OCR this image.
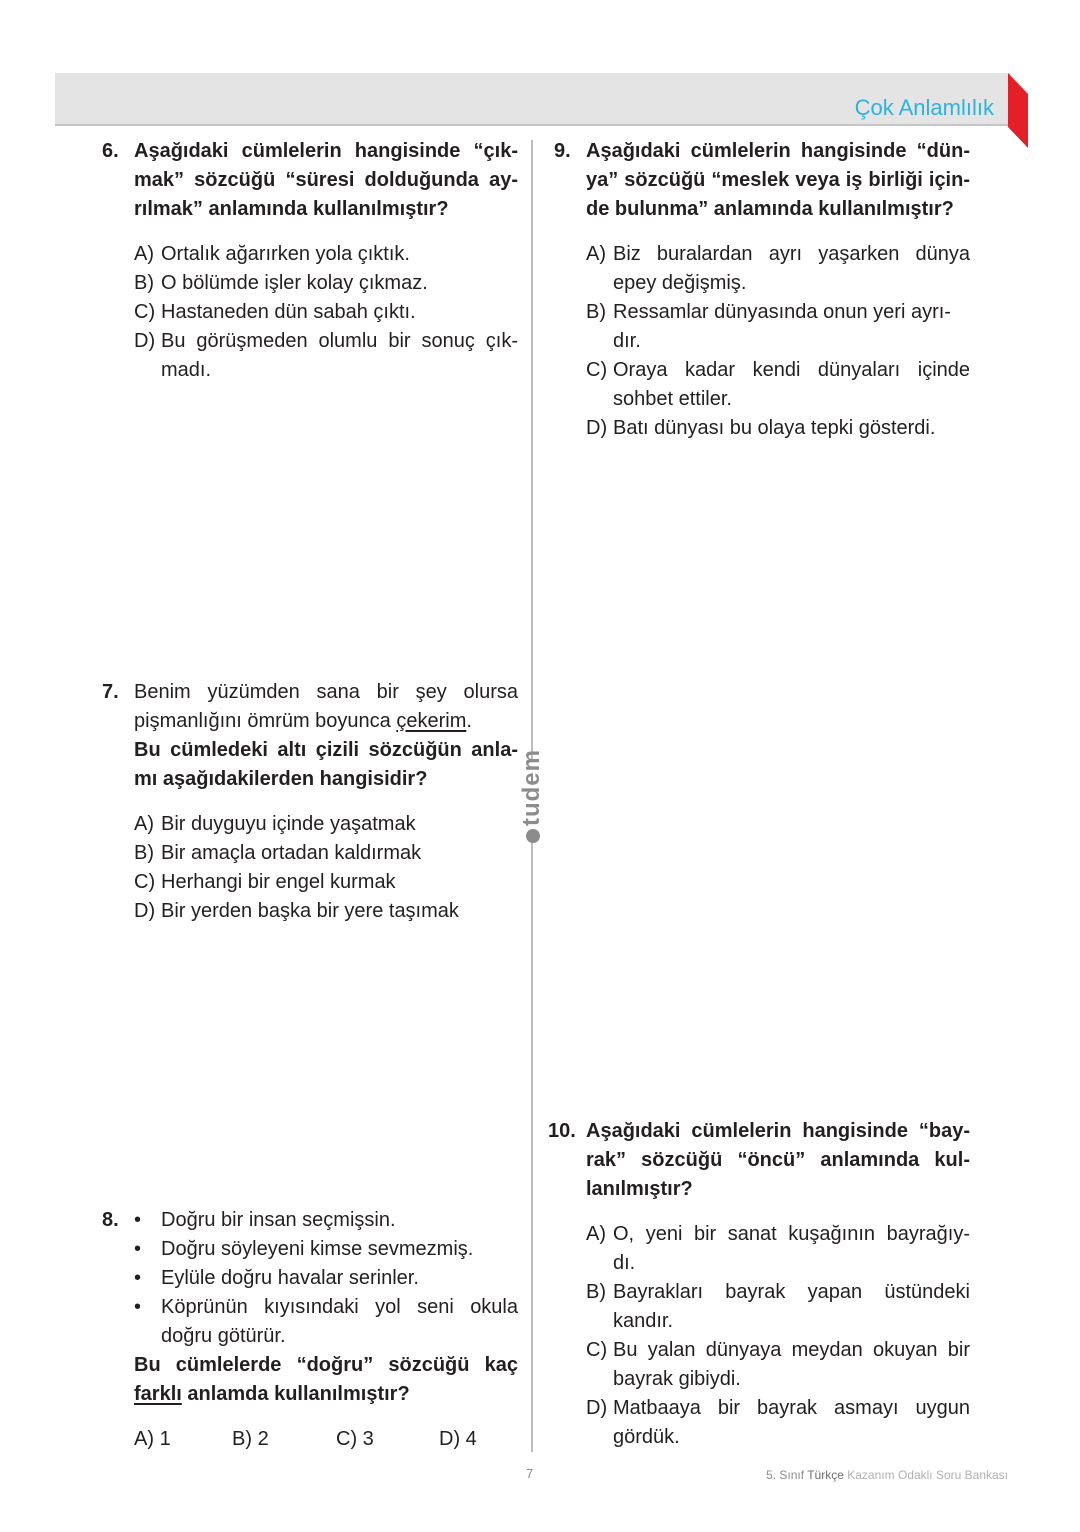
Çok Anlamlılık
tudem
6. Aşağıdaki cümlelerin hangisinde “çık-
mak” sözcüğü “süresi dolduğunda ay-
rılmak” anlamında kullanılmıştır?
A) Ortalık ağarırken yola çıktık.
B) O bölümde işler kolay çıkmaz.
C) Hastaneden dün sabah çıktı.
D) Bu görüşmeden olumlu bir sonuç çık-
madı.
7. Benim yüzümden sana bir şey olursa
pişmanlığını ömrüm boyunca çekerim.
Bu cümledeki altı çizili sözcüğün anla-
mı aşağıdakilerden hangisidir?
A) Bir duyguyu içinde yaşatmak
B) Bir amaçla ortadan kaldırmak
C) Herhangi bir engel kurmak
D) Bir yerden başka bir yere taşımak
8. • Doğru bir insan seçmişsin.
• Doğru söyleyeni kimse sevmezmiş.
• Eylüle doğru havalar serinler.
• Köprünün kıyısındaki yol seni okula
doğru götürür.
Bu cümlelerde “doğru” sözcüğü kaç
farklı anlamda kullanılmıştır?
A) 1	B) 2	C) 3	D) 4
9. Aşağıdaki cümlelerin hangisinde “dün-
ya” sözcüğü “meslek veya iş birliği için-
de bulunma” anlamında kullanılmıştır?
A) Biz buralardan ayrı yaşarken dünya
epey değişmiş.
B) Ressamlar dünyasında onun yeri ayrı-
dır.
C) Oraya kadar kendi dünyaları içinde
sohbet ettiler.
D) Batı dünyası bu olaya tepki gösterdi.
10. Aşağıdaki cümlelerin hangisinde “bay-
rak” sözcüğü “öncü” anlamında kul-
lanılmıştır?
A) O, yeni bir sanat kuşağının bayrağıy-
dı.
B) Bayrakları bayrak yapan üstündeki
kandır.
C) Bu yalan dünyaya meydan okuyan bir
bayrak gibiydi.
D) Matbaaya bir bayrak asmayı uygun
gördük.
7	5. Sınıf Türkçe Kazanım Odaklı Soru Bankası
